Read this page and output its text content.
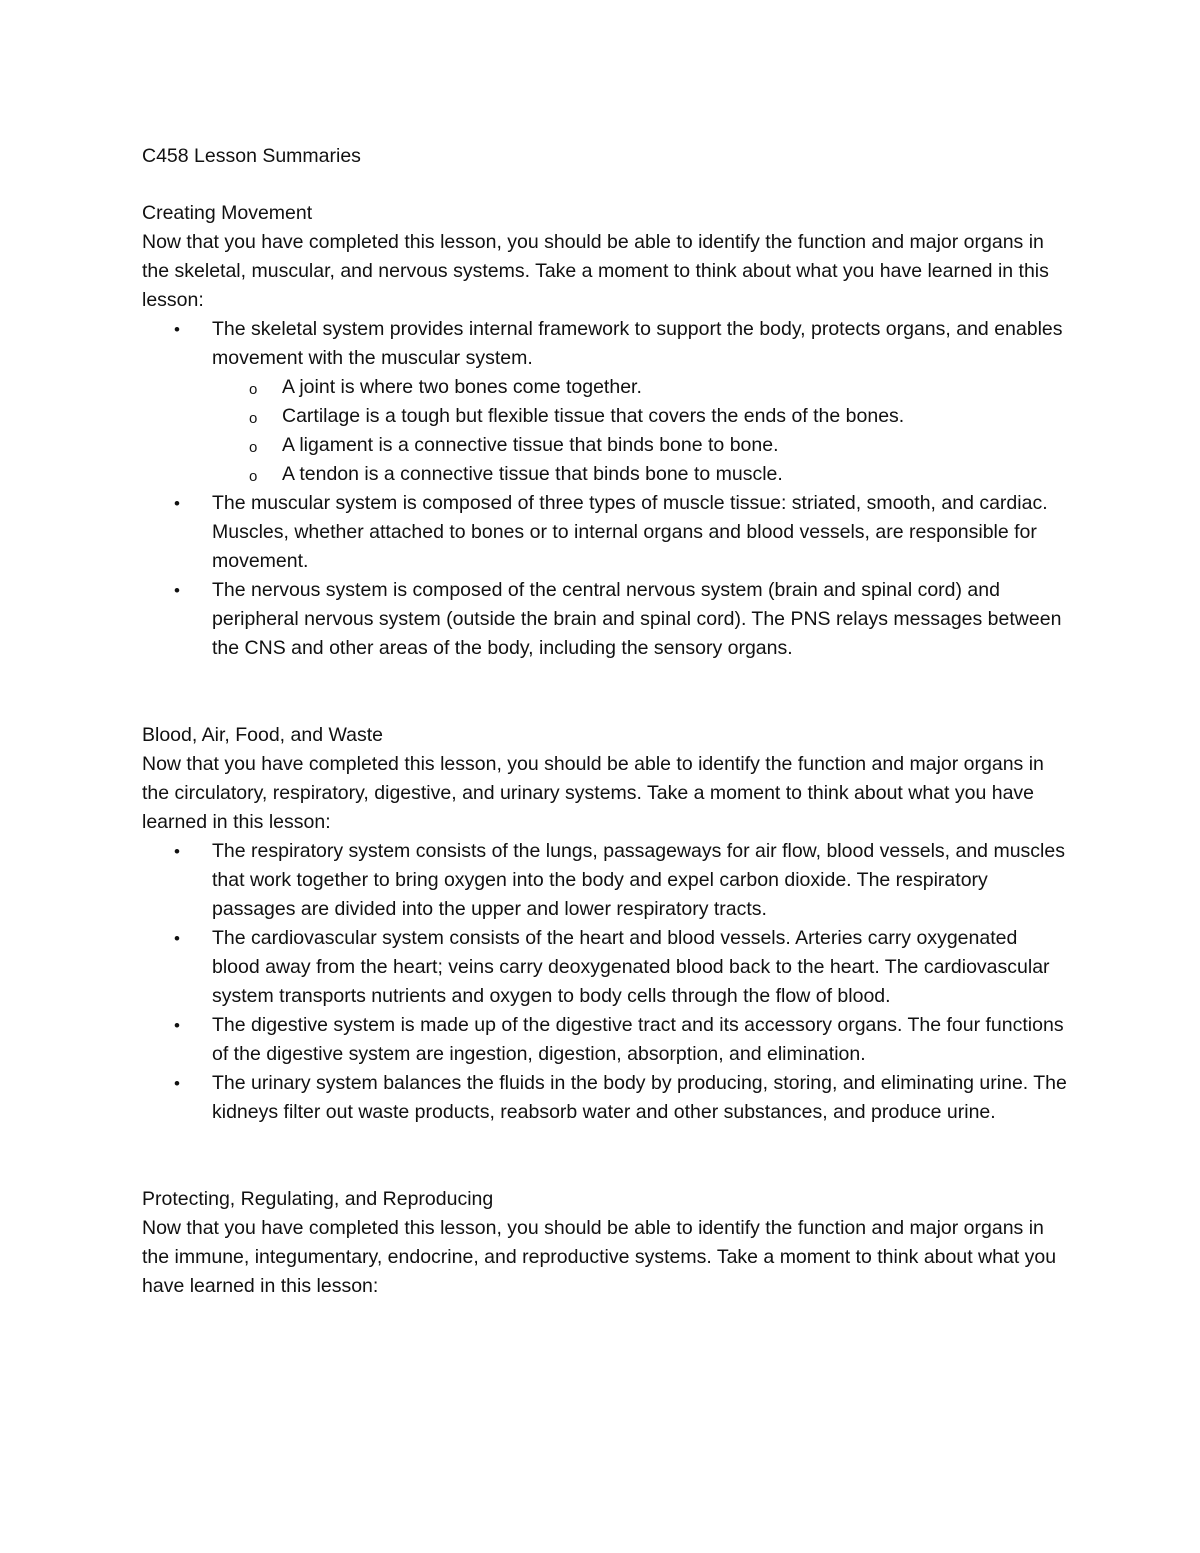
C458 Lesson Summaries

Creating Movement

Now that you have completed this lesson, you should be able to identify the function and major organs in the skeletal, muscular, and nervous systems. Take a moment to think about what you have learned in this lesson:

•	The skeletal system provides internal framework to support the body, protects organs, and enables movement with the muscular system.
o A joint is where two bones come together.
o Cartilage is a tough but flexible tissue that covers the ends of the bones.
o A ligament is a connective tissue that binds bone to bone.
o A tendon is a connective tissue that binds bone to muscle.
•	The muscular system is composed of three types of muscle tissue: striated, smooth, and cardiac. Muscles, whether attached to bones or to internal organs and blood vessels, are responsible for movement.
•	The nervous system is composed of the central nervous system (brain and spinal cord) and peripheral nervous system (outside the brain and spinal cord). The PNS relays messages between the CNS and other areas of the body, including the sensory organs.

Blood, Air, Food, and Waste

Now that you have completed this lesson, you should be able to identify the function and major organs in the circulatory, respiratory, digestive, and urinary systems. Take a moment to think about what you have learned in this lesson:

•	The respiratory system consists of the lungs, passageways for air flow, blood vessels, and muscles that work together to bring oxygen into the body and expel carbon dioxide. The respiratory passages are divided into the upper and lower respiratory tracts.
•	The cardiovascular system consists of the heart and blood vessels. Arteries carry oxygenated blood away from the heart; veins carry deoxygenated blood back to the heart. The cardiovascular system transports nutrients and oxygen to body cells through the flow of blood.
•	The digestive system is made up of the digestive tract and its accessory organs. The four functions of the digestive system are ingestion, digestion, absorption, and elimination.
•	The urinary system balances the fluids in the body by producing, storing, and eliminating urine. The kidneys filter out waste products, reabsorb water and other substances, and produce urine.

Protecting, Regulating, and Reproducing

Now that you have completed this lesson, you should be able to identify the function and major organs in the immune, integumentary, endocrine, and reproductive systems. Take a moment to think about what you have learned in this lesson:
